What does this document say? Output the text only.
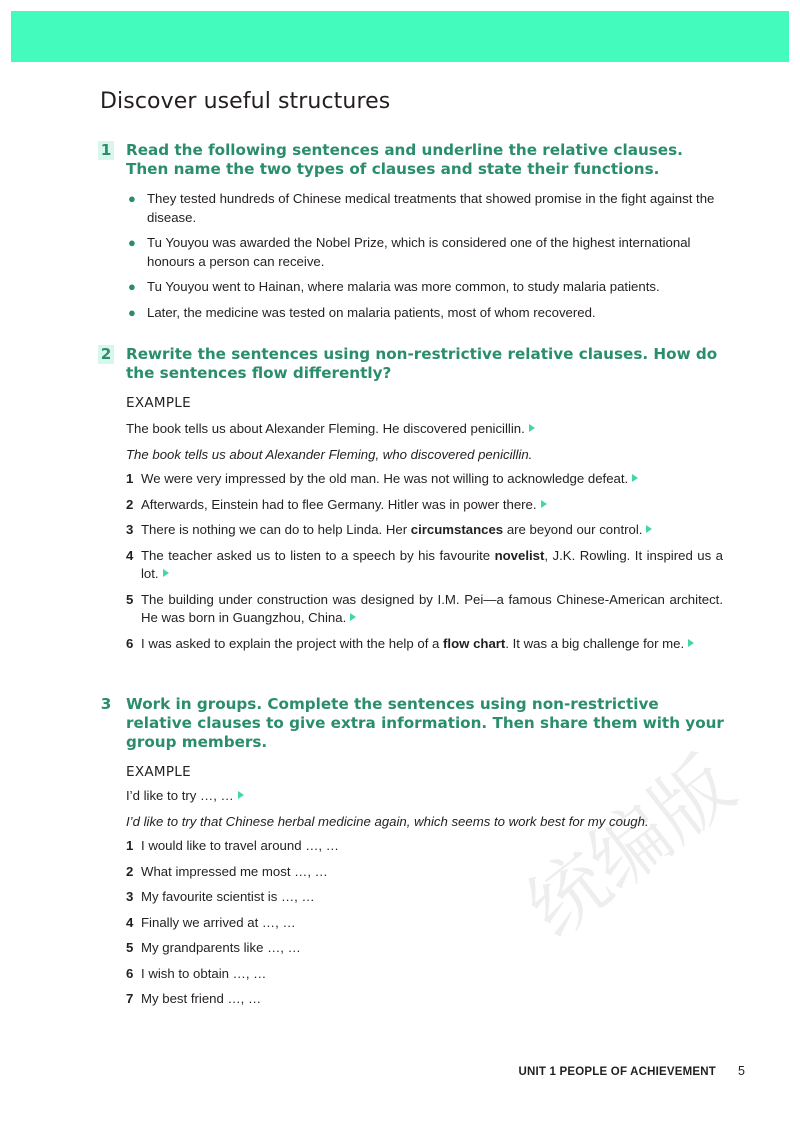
Discover useful structures
1 Read the following sentences and underline the relative clauses. Then name the two types of clauses and state their functions.
● They tested hundreds of Chinese medical treatments that showed promise in the fight against the disease.
● Tu Youyou was awarded the Nobel Prize, which is considered one of the highest international honours a person can receive.
● Tu Youyou went to Hainan, where malaria was more common, to study malaria patients.
● Later, the medicine was tested on malaria patients, most of whom recovered.
2 Rewrite the sentences using non-restrictive relative clauses. How do the sentences flow differently?
EXAMPLE
The book tells us about Alexander Fleming. He discovered penicillin.
The book tells us about Alexander Fleming, who discovered penicillin.
1 We were very impressed by the old man. He was not willing to acknowledge defeat.
2 Afterwards, Einstein had to flee Germany. Hitler was in power there.
3 There is nothing we can do to help Linda. Her circumstances are beyond our control.
4 The teacher asked us to listen to a speech by his favourite novelist, J.K. Rowling. It inspired us a lot.
5 The building under construction was designed by I.M. Pei—a famous Chinese-American architect. He was born in Guangzhou, China.
6 I was asked to explain the project with the help of a flow chart. It was a big challenge for me.
3 Work in groups. Complete the sentences using non-restrictive relative clauses to give extra information. Then share them with your group members.
EXAMPLE
I’d like to try …, …
I’d like to try that Chinese herbal medicine again, which seems to work best for my cough.
1 I would like to travel around …, …
2 What impressed me most …, …
3 My favourite scientist is …, …
4 Finally we arrived at …, …
5 My grandparents like …, …
6 I wish to obtain …, …
7 My best friend …, …
统编版
UNIT 1 PEOPLE OF ACHIEVEMENT 5
